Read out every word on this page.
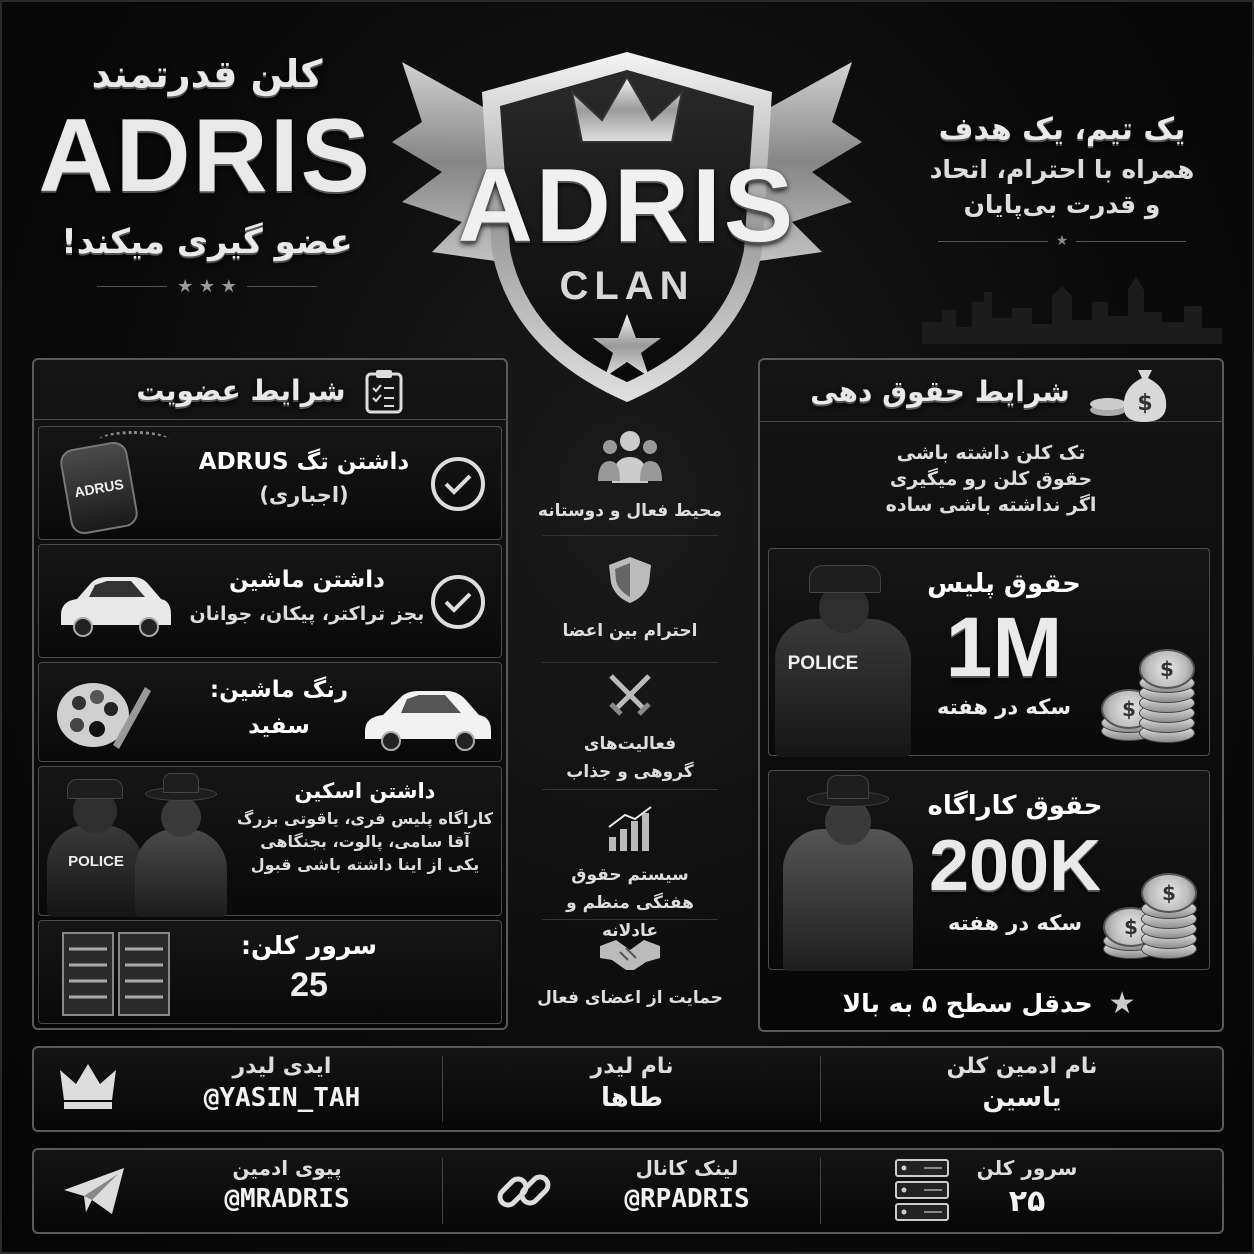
کلن قدرتمند
ADRIS
عضو گیری میکند!
★ ★ ★
ADRIS
CLAN
یک تیم، یک هدف
همراه با احترام، اتحاد
و قدرت بی‌پایان
★
شرایط عضویت
ADRUS
داشتن تگ ADRUS
(اجباری)
داشتن ماشین
بجز تراکتر، پیکان، جوانان
رنگ ماشین:
سفید
POLICE
داشتن اسکین
کاراگاه پلیس فری، یاقوتی بزرگ
آقا سامی، پالوت، بجنگاهی
یکی از اینا داشته باشی قبول
سرور کلن:
25
محیط فعال و دوستانه
احترام بین اعضا
فعالیت‌های گروهی و جذاب
سیستم حقوق هفتگی منظم و عادلانه
حمایت از اعضای فعال
شرایط حقوق دهی	$
تک کلن داشته باشی
حقوق کلن رو میگیری
اگر نداشته باشی ساده
POLICE
حقوق پلیس
1M
سکه در هفته	$
$
حقوق کاراگاه
200K
سکه در هفته	$
$
حدقل سطح ۵ به بالا ★
ایدی لیدر
YASIN_TAH@
نام لیدر
طاها
نام ادمین کلن
یاسین
پیوی ادمین
MRADRIS@
لینک کانال
RPADRIS@
سرور کلن
۲۵
